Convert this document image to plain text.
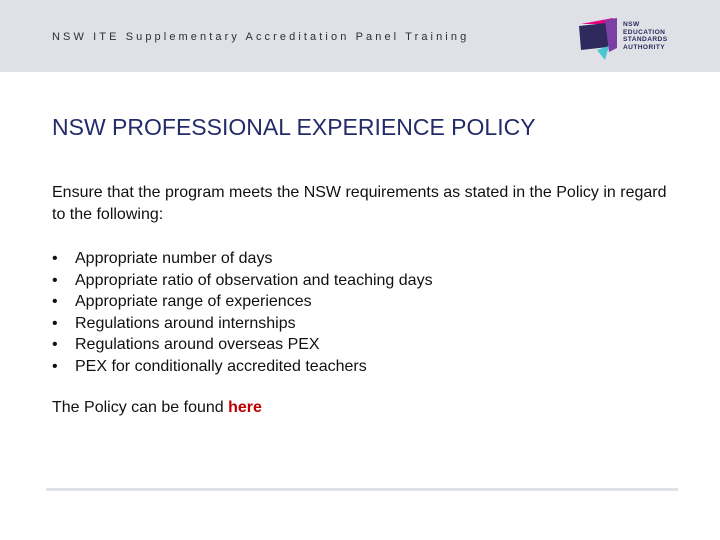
NSW ITE Supplementary Accreditation Panel Training
NSW
EDUCATION
STANDARDS
AUTHORITY
NSW PROFESSIONAL EXPERIENCE POLICY
Ensure that the program meets the NSW requirements as stated in the Policy in regard to the following:
• Appropriate number of days
• Appropriate ratio of observation and teaching days
• Appropriate range of experiences
• Regulations around internships
• Regulations around overseas PEX
• PEX for conditionally accredited teachers
The Policy can be found here
